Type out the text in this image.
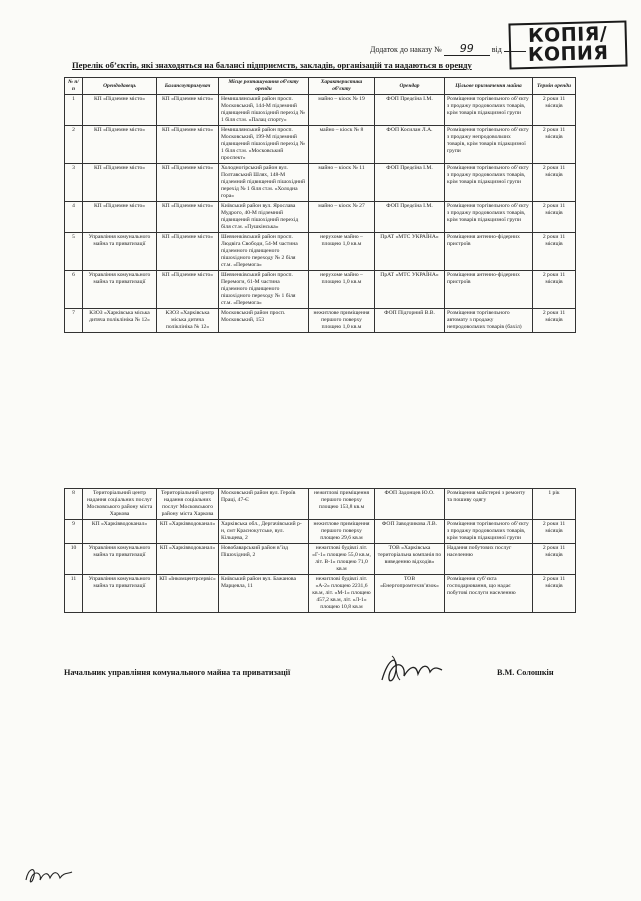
КОПІЯ/ КОПИЯ
Додаток до наказу № 99 від
Перелік об’єктів, які знаходяться на балансі підприємств, закладів, організацій та надаються в оренду
№ п/п	Орендодавець	Балансоутримувач	Місце розташування об’єкту оренди	Характеристика об’єкту	Орендар	Цільове призначення майна	Термін оренди
1	КП «Підземне місто»	КП «Підземне місто»	Немишлянський район просп. Московський, 144-М підземний підвищений пішохідний перехід № 1 біля ст.м. «Палац спорту»	майно – кіоск № 19	ФОП Предєїна І.М.	Розміщення торгівельного об’єкту з продажу продовольчих товарів, крім товарів підакцизної групи	2 роки 11 місяців
2	КП «Підземне місто»	КП «Підземне місто»	Немишлянський район просп. Московський, 199-М підземний підвищений пішохідний перехід № 1 біля ст.м. «Московський проспект»	майно – кіоск № 8	ФОП Косилан Л.А.	Розміщення торгівельного об’єкту з продажу непродовольчих товарів, крім товарів підакцизної групи	2 роки 11 місяців
3	КП «Підземне місто»	КП «Підземне місто»	Холодногірський район вул. Полтавський Шлях, 148-М підземний підвищений пішохідний перехід № 1 біля ст.м. «Холодна гора»	майно – кіоск № 11	ФОП Предєїна І.М.	Розміщення торгівельного об’єкту з продажу продовольчих товарів, крім товарів підакцизної групи	2 роки 11 місяців
4	КП «Підземне місто»	КП «Підземне місто»	Київський район вул. Ярослава Мудрого, 40-М підземний підвищений пішохідний перехід біля ст.м. «Пушкінська»	майно – кіоск № 27	ФОП Предєїна І.М.	Розміщення торгівельного об’єкту з продажу продовольчих товарів, крім товарів підакцизної групи	2 роки 11 місяців
5	Управління комунального майна та приватизації	КП «Підземне місто»	Шевченківський район просп. Людвіга Свободи, 54-М частина підземного підвищеного пішохідного переходу № 2 біля ст.м. «Перемога»	нерухоме майно – площею 1,0 кв.м	ПрАТ «МТС УКРАЇНА»	Розміщення антенно-фідерних пристроїв	2 роки 11 місяців
6	Управління комунального майна та приватизації	КП «Підземне місто»	Шевченківський район просп. Перемоги, 61-М частина підземного підвищеного пішохідного переходу № 1 біля ст.м. «Перемога»	нерухоме майно – площею 1,0 кв.м	ПрАТ «МТС УКРАЇНА»	Розміщення антенно-фідерних пристроїв	2 роки 11 місяців
7	КЗОЗ «Харківська міська дитяча поліклініка № 12»	КЗОЗ «Харківська міська дитяча поліклініка № 12»	Московський район просп. Московський, 153	нежитлове приміщення першого поверху площею 1,0 кв.м	ФОП Підгорний В.В.	Розміщення торгівельного автомату з продажу непродовольчих товарів (бахіл)	2 роки 11 місяців
8	Територіальний центр надання соціальних послуг Московського району міста Харкова	Територіальний центр надання соціальних послуг Московського району міста Харкова	Московський район вул. Героїв Праці, 47-Є	нежитлові приміщення першого поверху площею 153,8 кв.м	ФОП Задонцев Ю.О.	Розміщення майстерні з ремонту та пошиву одягу	1 рік
9	КП «Харківводоканал»	КП «Харківводоканал»	Харківська обл., Дергачівський р-н, смт Краснокутське, вул. Кільцева, 2	нежитлове приміщення першого поверху площею 29,6 кв.м	ФОП Заводчикова Л.В.	Розміщення торгівельного об’єкту з продажу продовольчих товарів, крім товарів підакцизної групи	2 роки 11 місяців
10	Управління комунального майна та приватизації	КП «Харківводоканал»	Новобаварський район в’їзд Пішохідний, 2	нежитлові будівлі літ. «Г-1» площею 55,0 кв.м, літ. В-1» площею 71,0 кв.м	ТОВ «Харківська територіальна компанія по виведенню відходів»	Надання побутових послуг населенню	2 роки 11 місяців
11	Управління комунального майна та приватизації	КП «Інкомцентрсервіс»	Київський район вул. Бажанова Марцевла, 11	нежитлові будівлі літ. «А-2» площею 2231,6 кв.м, літ. «М-1» площею 457,2 кв.м, літ. «Л-1» площею 10,8 кв.м	ТОВ «Енергопромтехзв’язок»	Розміщення суб’єкта господарювання, що надає побутові послуги населенню	2 роки 11 місяців
Начальник управління комунального майна та приватизації	В.М. Солошкін
